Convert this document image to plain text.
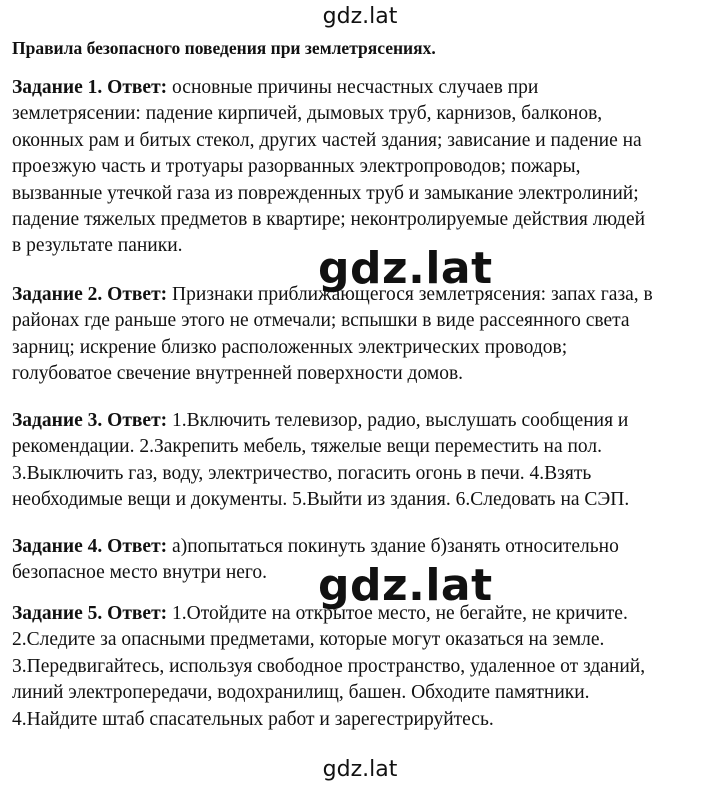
gdz.lat
Правила безопасного поведения при землетрясениях.
Задание 1. Ответ: основные причины несчастных случаев при
землетрясении: падение кирпичей, дымовых труб, карнизов, балконов,
оконных рам и битых стекол, других частей здания; зависание и падение на
проезжую часть и тротуары разорванных электропроводов; пожары,
вызванные утечкой газа из поврежденных труб и замыкание электролиний;
падение тяжелых предметов в квартире; неконтролируемые действия людей
в результате паники.
Задание 2. Ответ: Признаки приближающегося землетрясения: запах газа, в
районах где раньше этого не отмечали; вспышки в виде рассеянного света
зарниц; искрение близко расположенных электрических проводов;
голубоватое свечение внутренней поверхности домов.
Задание 3. Ответ: 1.Включить телевизор, радио, выслушать сообщения и
рекомендации. 2.Закрепить мебель, тяжелые вещи переместить на пол.
3.Выключить газ, воду, электричество, погасить огонь в печи. 4.Взять
необходимые вещи и документы. 5.Выйти из здания. 6.Следовать на СЭП.
Задание 4. Ответ: а)попытаться покинуть здание б)занять относительно
безопасное место внутри него.
Задание 5. Ответ: 1.Отойдите на открытое место, не бегайте, не кричите.
2.Следите за опасными предметами, которые могут оказаться на земле.
3.Передвигайтесь, используя свободное пространство, удаленное от зданий,
линий электропередачи, водохранилищ, башен. Обходите памятники.
4.Найдите штаб спасательных работ и зарегестрируйтесь.
gdz.lat
gdz.lat
gdz.lat
